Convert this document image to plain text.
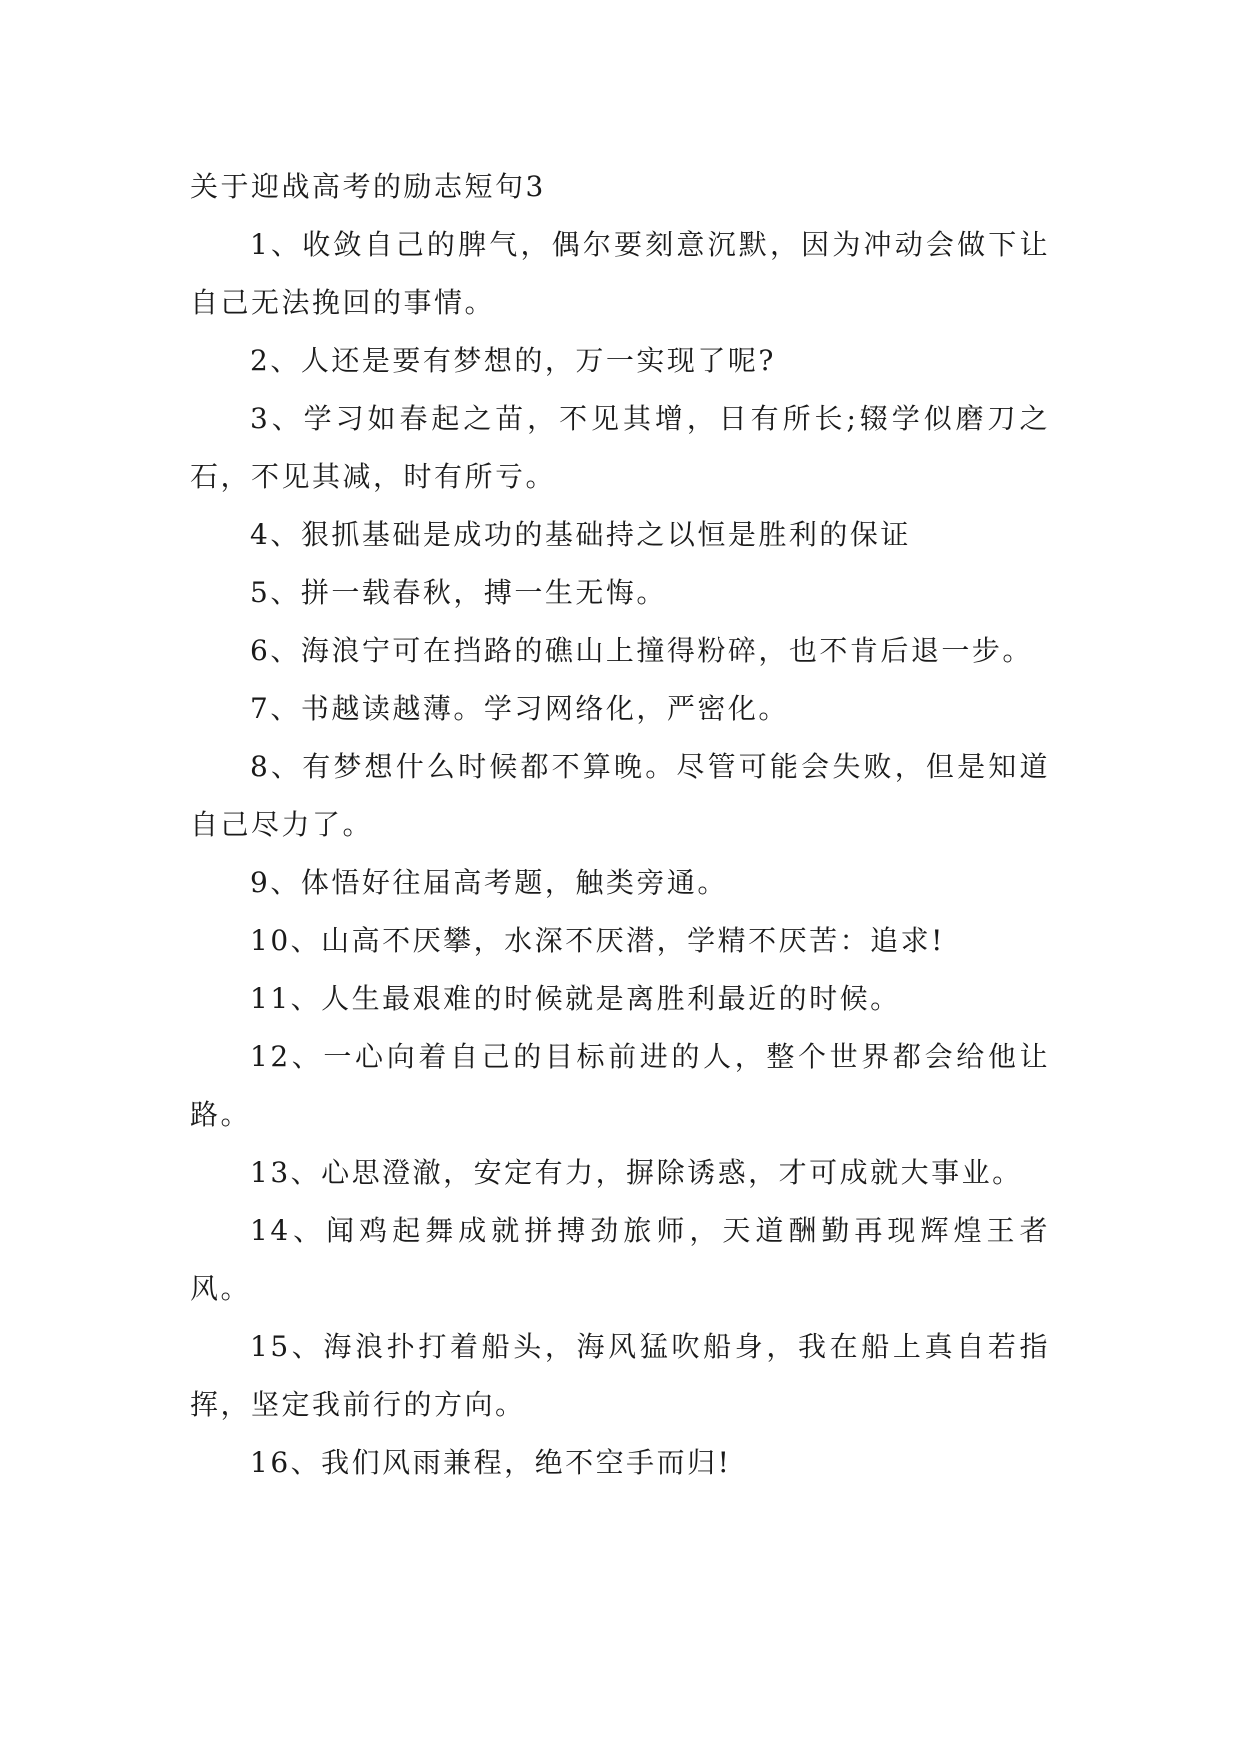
关于迎战高考的励志短句3

1、收敛自己的脾气，偶尔要刻意沉默，因为冲动会做下让自己无法挽回的事情。

2、人还是要有梦想的，万一实现了呢?

3、学习如春起之苗，不见其增，日有所长;辍学似磨刀之石，不见其减，时有所亏。

4、狠抓基础是成功的基础持之以恒是胜利的保证

5、拼一载春秋，搏一生无悔。

6、海浪宁可在挡路的礁山上撞得粉碎，也不肯后退一步。

7、书越读越薄。学习网络化，严密化。

8、有梦想什么时候都不算晚。尽管可能会失败，但是知道自己尽力了。

9、体悟好往届高考题，触类旁通。

10、山高不厌攀，水深不厌潜，学精不厌苦：追求!

11、人生最艰难的时候就是离胜利最近的时候。

12、一心向着自己的目标前进的人，整个世界都会给他让路。

13、心思澄澈，安定有力，摒除诱惑，才可成就大事业。

14、闻鸡起舞成就拼搏劲旅师，天道酬勤再现辉煌王者风。

15、海浪扑打着船头，海风猛吹船身，我在船上真自若指挥，坚定我前行的方向。

16、我们风雨兼程，绝不空手而归!
